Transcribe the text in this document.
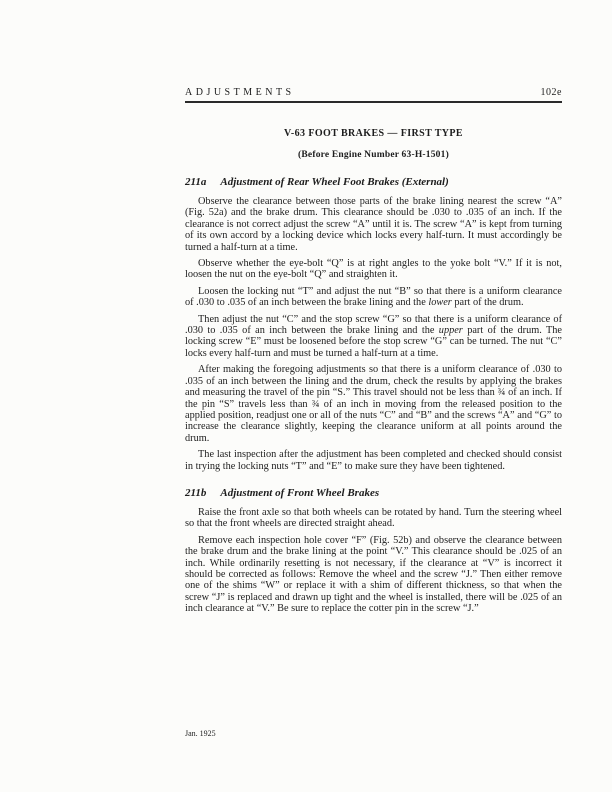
ADJUSTMENTS	102e
V-63 FOOT BRAKES — FIRST TYPE
(Before Engine Number 63-H-1501)
211a Adjustment of Rear Wheel Foot Brakes (External)

Observe the clearance between those parts of the brake lining nearest the screw “A” (Fig. 52a) and the brake drum. This clearance should be .030 to .035 of an inch. If the clearance is not correct adjust the screw “A” until it is. The screw “A” is kept from turning of its own accord by a locking device which locks every half-turn. It must accordingly be turned a half-turn at a time.

Observe whether the eye-bolt “Q” is at right angles to the yoke bolt “V.” If it is not, loosen the nut on the eye-bolt “Q” and straighten it.

Loosen the locking nut “T” and adjust the nut “B” so that there is a uniform clearance of .030 to .035 of an inch between the brake lining and the lower part of the drum.

Then adjust the nut “C” and the stop screw “G” so that there is a uniform clearance of .030 to .035 of an inch between the brake lining and the upper part of the drum. The locking screw “E” must be loosened before the stop screw “G” can be turned. The nut “C” locks every half-turn and must be turned a half-turn at a time.

After making the foregoing adjustments so that there is a uniform clearance of .030 to .035 of an inch between the lining and the drum, check the results by applying the brakes and measuring the travel of the pin “S.” This travel should not be less than ¾ of an inch. If the pin “S” travels less than ¾ of an inch in moving from the released position to the applied position, readjust one or all of the nuts “C” and “B” and the screws “A” and “G” to increase the clearance slightly, keeping the clearance uniform at all points around the drum.

The last inspection after the adjustment has been completed and checked should consist in trying the locking nuts “T” and “E” to make sure they have been tightened.

211b Adjustment of Front Wheel Brakes

Raise the front axle so that both wheels can be rotated by hand. Turn the steering wheel so that the front wheels are directed straight ahead.

Remove each inspection hole cover “F” (Fig. 52b) and observe the clearance between the brake drum and the brake lining at the point “V.” This clearance should be .025 of an inch. While ordinarily resetting is not necessary, if the clearance at “V” is incorrect it should be corrected as follows: Remove the wheel and the screw “J.” Then either remove one of the shims “W” or replace it with a shim of different thickness, so that when the screw “J” is replaced and drawn up tight and the wheel is installed, there will be .025 of an inch clearance at “V.” Be sure to replace the cotter pin in the screw “J.”

Jan. 1925
